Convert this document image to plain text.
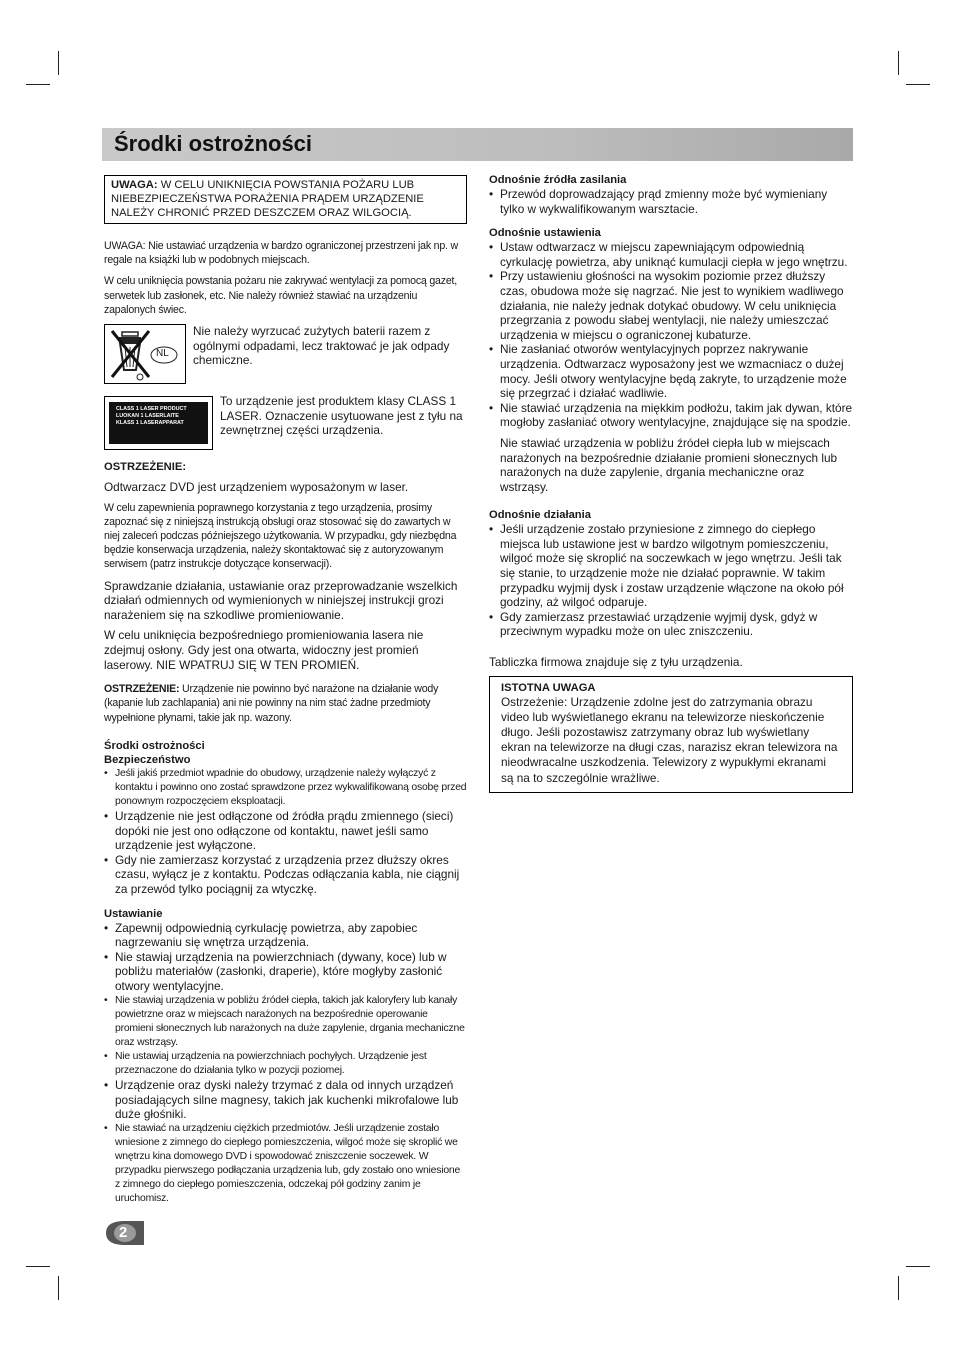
Środki ostrożności
UWAGA: W CELU UNIKNIĘCIA POWSTANIA POŻARU LUB NIEBEZPIECZEŃSTWA PORAŻENIA PRĄDEM URZĄDZENIE NALEŻY CHRONIĆ PRZED DESZCZEM ORAZ WILGOCIĄ.

UWAGA: Nie ustawiać urządzenia w bardzo ograniczonej przestrzeni jak np. w regale na książki lub w podobnych miejscach.

W celu uniknięcia powstania pożaru nie zakrywać wentylacji za pomocą gazet, serwetek lub zasłonek, etc. Nie należy również stawiać na urządzeniu zapalonych świec.

NL
Nie należy wyrzucać zużytych baterii razem z ogólnymi odpadami, lecz traktować je jak odpady chemiczne.
CLASS 1 LASER PRODUCT
LUOKAN 1 LASERLAITE
KLASS 1 LASERAPPARAT
To urządzenie jest produktem klasy CLASS 1 LASER. Oznaczenie usytuowane jest z tyłu na zewnętrznej części urządzenia.

OSTRZEŻENIE:

Odtwarzacz DVD jest urządzeniem wyposażonym w laser.

W celu zapewnienia poprawnego korzystania z tego urządzenia, prosimy zapoznać się z niniejszą instrukcją obsługi oraz stosować się do zawartych w niej zaleceń podczas późniejszego użytkowania. W przypadku, gdy niezbędna będzie konserwacja urządzenia, należy skontaktować się z autoryzowanym serwisem (patrz instrukcje dotyczące konserwacji).

Sprawdzanie działania, ustawianie oraz przeprowadzanie wszelkich działań odmiennych od wymienionych w niniejszej instrukcji grozi narażeniem się na szkodliwe promieniowanie.

W celu uniknięcia bezpośredniego promieniowania lasera nie zdejmuj osłony. Gdy jest ona otwarta, widoczny jest promień laserowy. NIE WPATRUJ SIĘ W TEN PROMIEŃ.

OSTRZEŻENIE: Urządzenie nie powinno być narażone na działanie wody (kapanie lub zachlapania) ani nie powinny na nim stać żadne przedmioty wypełnione płynami, takie jak np. wazony.

Środki ostrożności

Bezpieczeństwo

• Jeśli jakiś przedmiot wpadnie do obudowy, urządzenie należy wyłączyć z kontaktu i powinno ono zostać sprawdzone przez wykwalifikowaną osobę przed ponownym rozpoczęciem eksploatacji.
• Urządzenie nie jest odłączone od źródła prądu zmiennego (sieci) dopóki nie jest ono odłączone od kontaktu, nawet jeśli samo urządzenie jest wyłączone.
• Gdy nie zamierzasz korzystać z urządzenia przez dłuższy okres czasu, wyłącz je z kontaktu. Podczas odłączania kabla, nie ciągnij za przewód tylko pociągnij za wtyczkę.

Ustawianie

• Zapewnij odpowiednią cyrkulację powietrza, aby zapobiec nagrzewaniu się wnętrza urządzenia.
• Nie stawiaj urządzenia na powierzchniach (dywany, koce) lub w pobliżu materiałów (zasłonki, draperie), które mogłyby zasłonić otwory wentylacyjne.
• Nie stawiaj urządzenia w pobliżu źródeł ciepła, takich jak kaloryfery lub kanały powietrzne oraz w miejscach narażonych na bezpośrednie operowanie promieni słonecznych lub narażonych na duże zapylenie, drgania mechaniczne oraz wstrząsy.
• Nie ustawiaj urządzenia na powierzchniach pochyłych. Urządzenie jest przeznaczone do działania tylko w pozycji poziomej.
• Urządzenie oraz dyski należy trzymać z dala od innych urządzeń posiadających silne magnesy, takich jak kuchenki mikrofalowe lub duże głośniki.
• Nie stawiać na urządzeniu ciężkich przedmiotów. Jeśli urządzenie zostało wniesione z zimnego do ciepłego pomieszczenia, wilgoć może się skroplić we wnętrzu kina domowego DVD i spowodować zniszczenie soczewek. W przypadku pierwszego podłączania urządzenia lub, gdy zostało ono wniesione z zimnego do ciepłego pomieszczenia, odczekaj pół godziny zanim je uruchomisz.

Odnośnie źródła zasilania

• Przewód doprowadzający prąd zmienny może być wymieniany tylko w wykwalifikowanym warsztacie.

Odnośnie ustawienia

• Ustaw odtwarzacz w miejscu zapewniającym odpowiednią cyrkulację powietrza, aby uniknąć kumulacji ciepła w jego wnętrzu.
• Przy ustawieniu głośności na wysokim poziomie przez dłuższy czas, obudowa może się nagrzać. Nie jest to wynikiem wadliwego działania, nie należy jednak dotykać obudowy. W celu uniknięcia przegrzania z powodu słabej wentylacji, nie należy umieszczać urządzenia w miejscu o ograniczonej kubaturze.
• Nie zasłaniać otworów wentylacyjnych poprzez nakrywanie urządzenia. Odtwarzacz wyposażony jest we wzmacniacz o dużej mocy. Jeśli otwory wentylacyjne będą zakryte, to urządzenie może się przegrzać i działać wadliwie.
• Nie stawiać urządzenia na miękkim podłożu, takim jak dywan, które mogłoby zasłaniać otwory wentylacyjne, znajdujące się na spodzie.

Nie stawiać urządzenia w pobliżu źródeł ciepła lub w miejscach narażonych na bezpośrednie działanie promieni słonecznych lub narażonych na duże zapylenie, drgania mechaniczne oraz wstrząsy.

Odnośnie działania

• Jeśli urządzenie zostało przyniesione z zimnego do ciepłego miejsca lub ustawione jest w bardzo wilgotnym pomieszczeniu, wilgoć może się skroplić na soczewkach w jego wnętrzu. Jeśli tak się stanie, to urządzenie może nie działać poprawnie. W takim przypadku wyjmij dysk i zostaw urządzenie włączone na około pół godziny, aż wilgoć odparuje.
• Gdy zamierzasz przestawiać urządzenie wyjmij dysk, gdyż w przeciwnym wypadku może on ulec zniszczeniu.

Tabliczka firmowa znajduje się z tyłu urządzenia.

ISTOTNA UWAGA
Ostrzeżenie: Urządzenie zdolne jest do zatrzymania obrazu video lub wyświetlanego ekranu na telewizorze nieskończenie długo. Jeśli pozostawisz zatrzymany obraz lub wyświetlany ekran na telewizorze na długi czas, narazisz ekran telewizora na nieodwracalne uszkodzenia. Telewizory z wypukłymi ekranami są na to szczególnie wrażliwe.
2
